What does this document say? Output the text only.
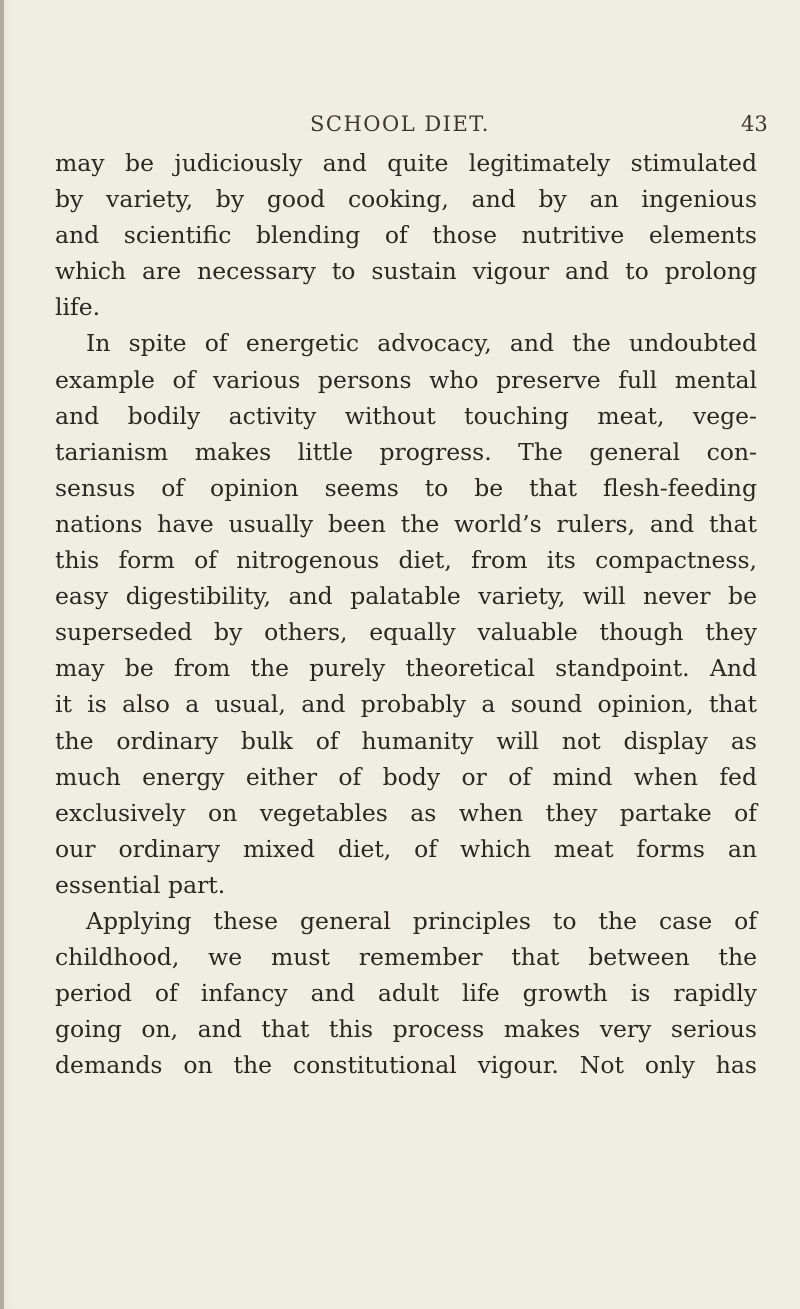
SCHOOL DIET.	43
may be judiciously and quite legitimately stimulated
by variety, by good cooking, and by an ingenious
and scientific blending of those nutritive elements
which are necessary to sustain vigour and to prolong
life.
In spite of energetic advocacy, and the undoubted
example of various persons who preserve full mental
and bodily activity without touching meat, vege-
tarianism makes little progress. The general con-
sensus of opinion seems to be that flesh-feeding
nations have usually been the world’s rulers, and that
this form of nitrogenous diet, from its compactness,
easy digestibility, and palatable variety, will never be
superseded by others, equally valuable though they
may be from the purely theoretical standpoint. And
it is also a usual, and probably a sound opinion, that
the ordinary bulk of humanity will not display as
much energy either of body or of mind when fed
exclusively on vegetables as when they partake of
our ordinary mixed diet, of which meat forms an
essential part.
Applying these general principles to the case of
childhood, we must remember that between the
period of infancy and adult life growth is rapidly
going on, and that this process makes very serious
demands on the constitutional vigour. Not only has
